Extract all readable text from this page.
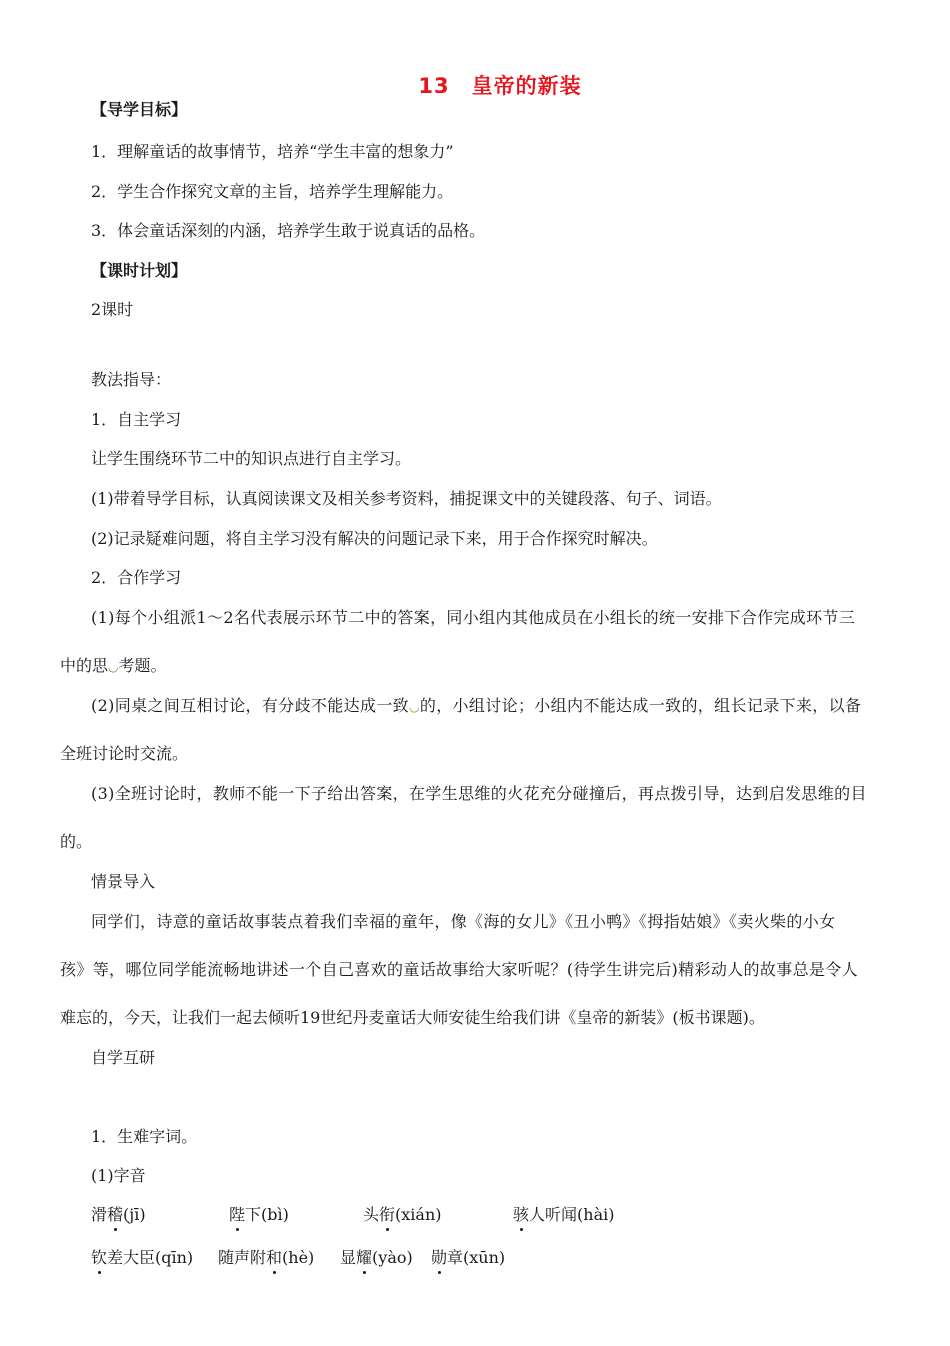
13　皇帝的新装
【导学目标】
1．理解童话的故事情节，培养“学生丰富的想象力”
2．学生合作探究文章的主旨，培养学生理解能力。
3．体会童话深刻的内涵，培养学生敢于说真话的品格。
【课时计划】
2课时
教法指导：
1．自主学习
让学生围绕环节二中的知识点进行自主学习。
(1)带着导学目标，认真阅读课文及相关参考资料，捕捉课文中的关键段落、句子、词语。
(2)记录疑难问题，将自主学习没有解决的问题记录下来，用于合作探究时解决。
2．合作学习
(1)每个小组派1～2名代表展示环节二中的答案，同小组内其他成员在小组长的统一安排下合作完成环节三
中的思◡考题。
(2)同桌之间互相讨论，有分歧不能达成一致◡的，小组讨论；小组内不能达成一致的，组长记录下来，以备
全班讨论时交流。
(3)全班讨论时，教师不能一下子给出答案，在学生思维的火花充分碰撞后，再点拨引导，达到启发思维的目
的。
情景导入
同学们，诗意的童话故事装点着我们幸福的童年，像《海的女儿》《丑小鸭》《拇指姑娘》《卖火柴的小女
孩》等，哪位同学能流畅地讲述一个自己喜欢的童话故事给大家听呢？(待学生讲完后)精彩动人的故事总是令人
难忘的，今天，让我们一起去倾听19世纪丹麦童话大师安徒生给我们讲《皇帝的新装》(板书课题)。
自学互研
1．生难字词。
(1)字音
滑稽(jī)	陛下(bì)	头衔(xián)	骇人听闻(hài)
钦差大臣(qīn) 随声附和(hè) 显耀(yào) 勋章(xūn)
